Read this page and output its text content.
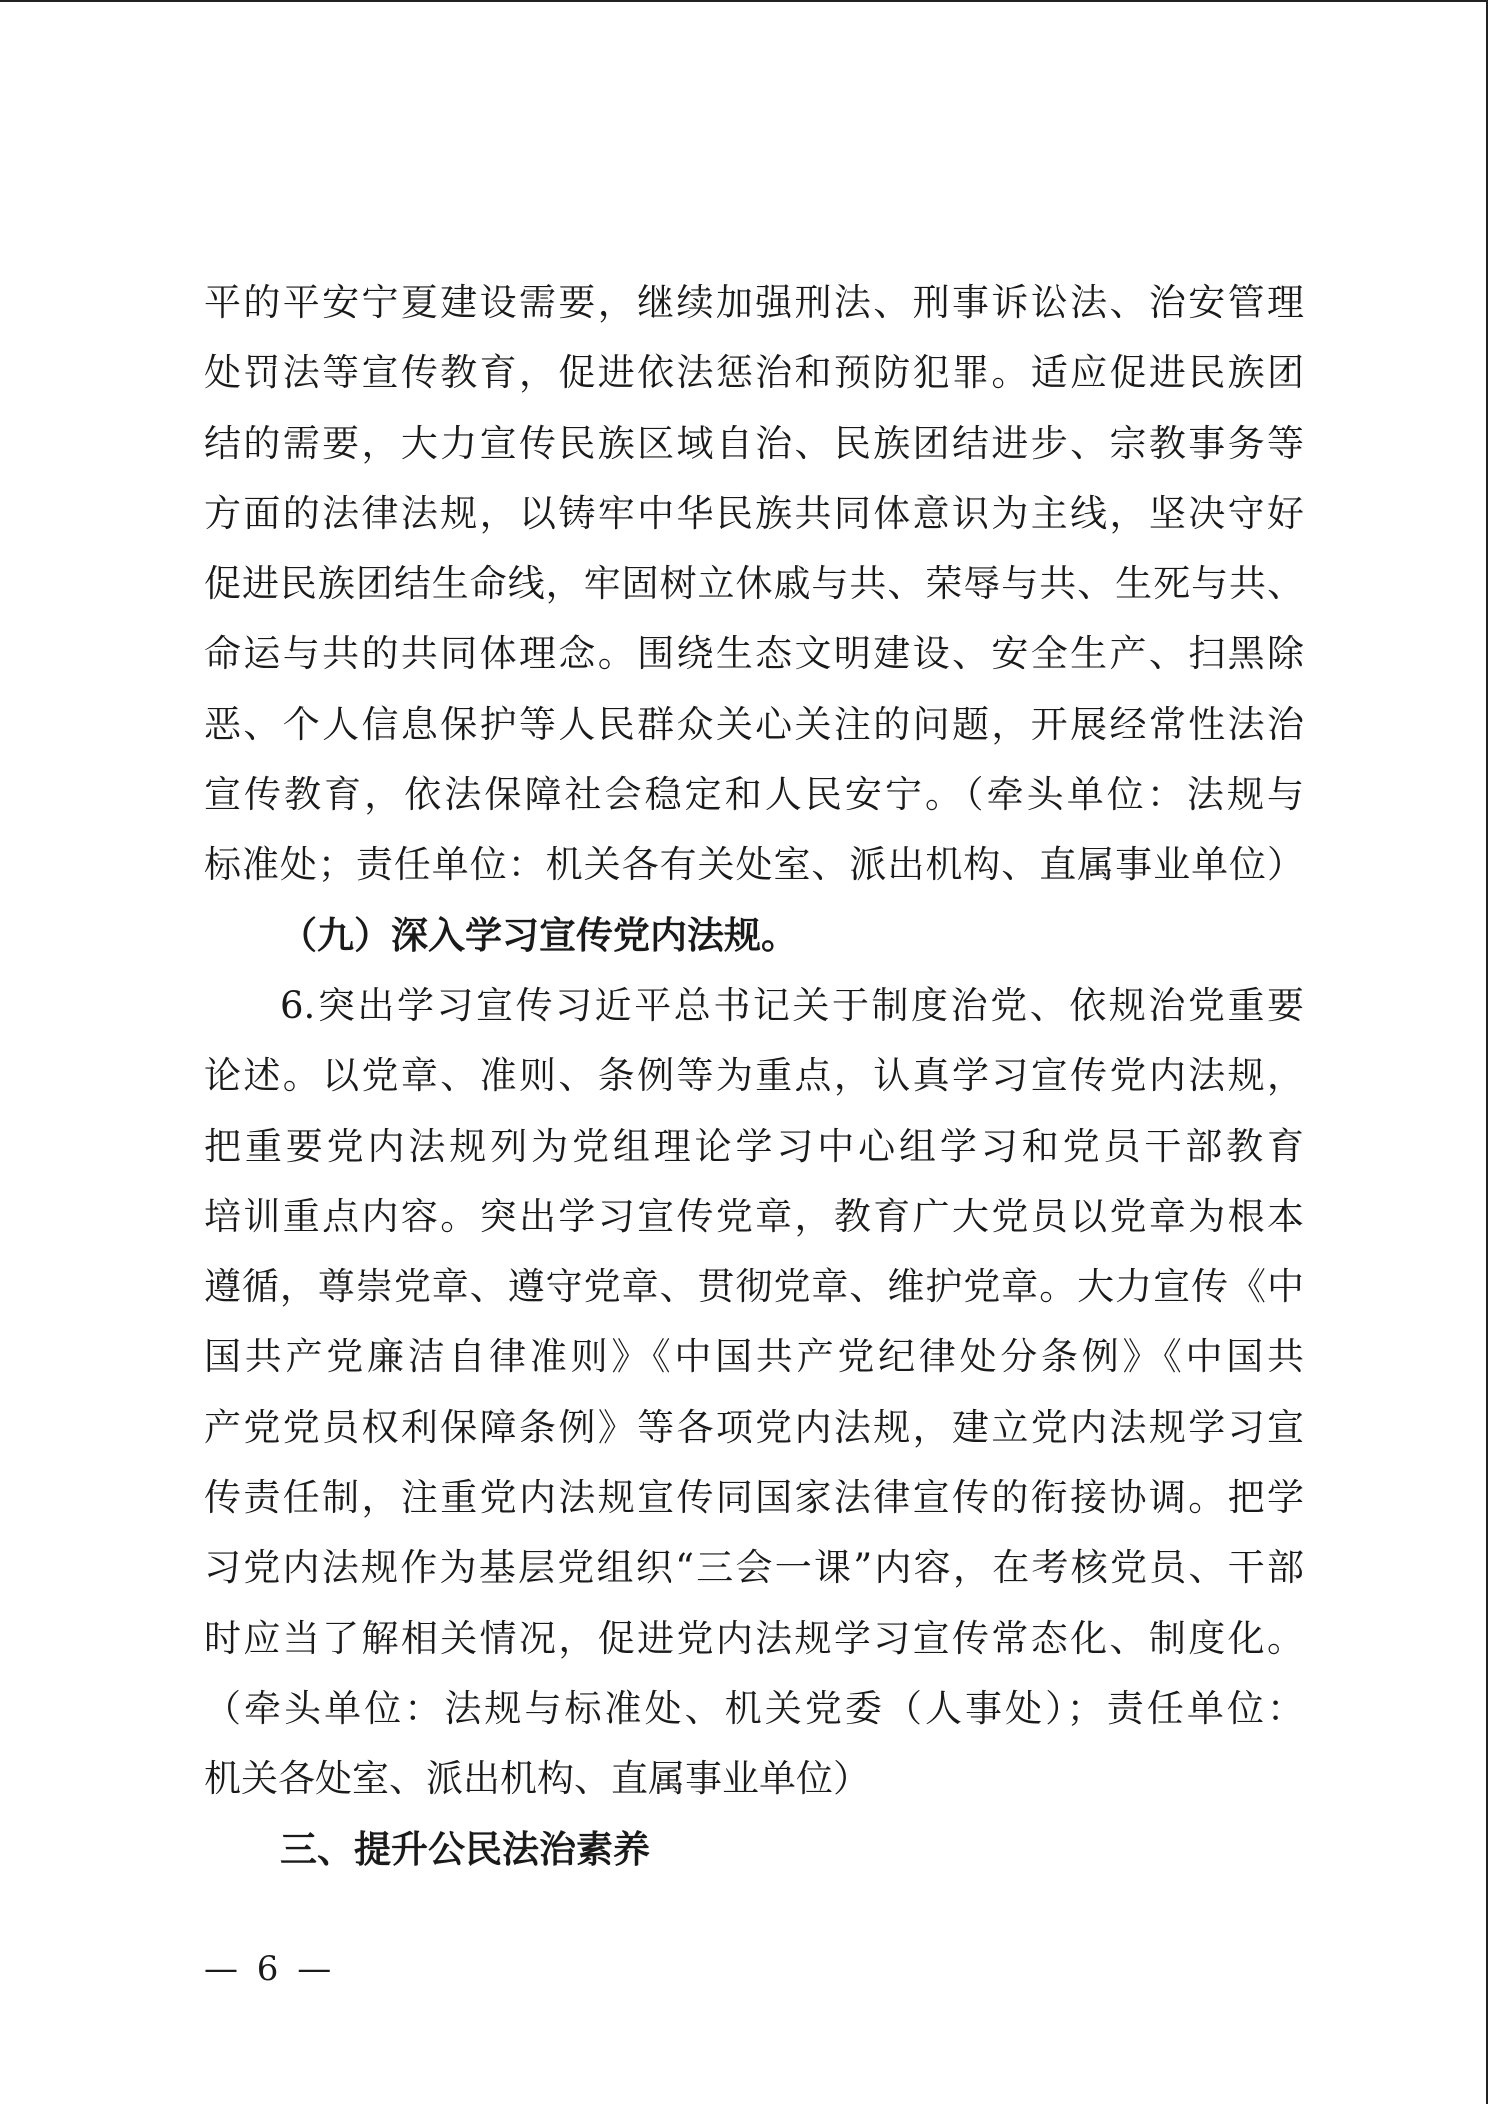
平的平安宁夏建设需要，继续加强刑法、刑事诉讼法、治安管理
处罚法等宣传教育，促进依法惩治和预防犯罪。适应促进民族团
结的需要，大力宣传民族区域自治、民族团结进步、宗教事务等
方面的法律法规，以铸牢中华民族共同体意识为主线，坚决守好
促进民族团结生命线，牢固树立休戚与共、荣辱与共、生死与共、
命运与共的共同体理念。围绕生态文明建设、安全生产、扫黑除
恶、个人信息保护等人民群众关心关注的问题，开展经常性法治
宣传教育，依法保障社会稳定和人民安宁。（牵头单位：法规与
标准处；责任单位：机关各有关处室、派出机构、直属事业单位）
（九）深入学习宣传党内法规。
6.突出学习宣传习近平总书记关于制度治党、依规治党重要
论述。以党章、准则、条例等为重点，认真学习宣传党内法规，
把重要党内法规列为党组理论学习中心组学习和党员干部教育
培训重点内容。突出学习宣传党章，教育广大党员以党章为根本
遵循，尊崇党章、遵守党章、贯彻党章、维护党章。大力宣传《中
国共产党廉洁自律准则》《中国共产党纪律处分条例》《中国共
产党党员权利保障条例》等各项党内法规，建立党内法规学习宣
传责任制，注重党内法规宣传同国家法律宣传的衔接协调。把学
习党内法规作为基层党组织“三会一课”内容，在考核党员、干部
时应当了解相关情况，促进党内法规学习宣传常态化、制度化。
（牵头单位：法规与标准处、机关党委（人事处）；责任单位：
机关各处室、派出机构、直属事业单位）
三、提升公民法治素养
— 6 —
